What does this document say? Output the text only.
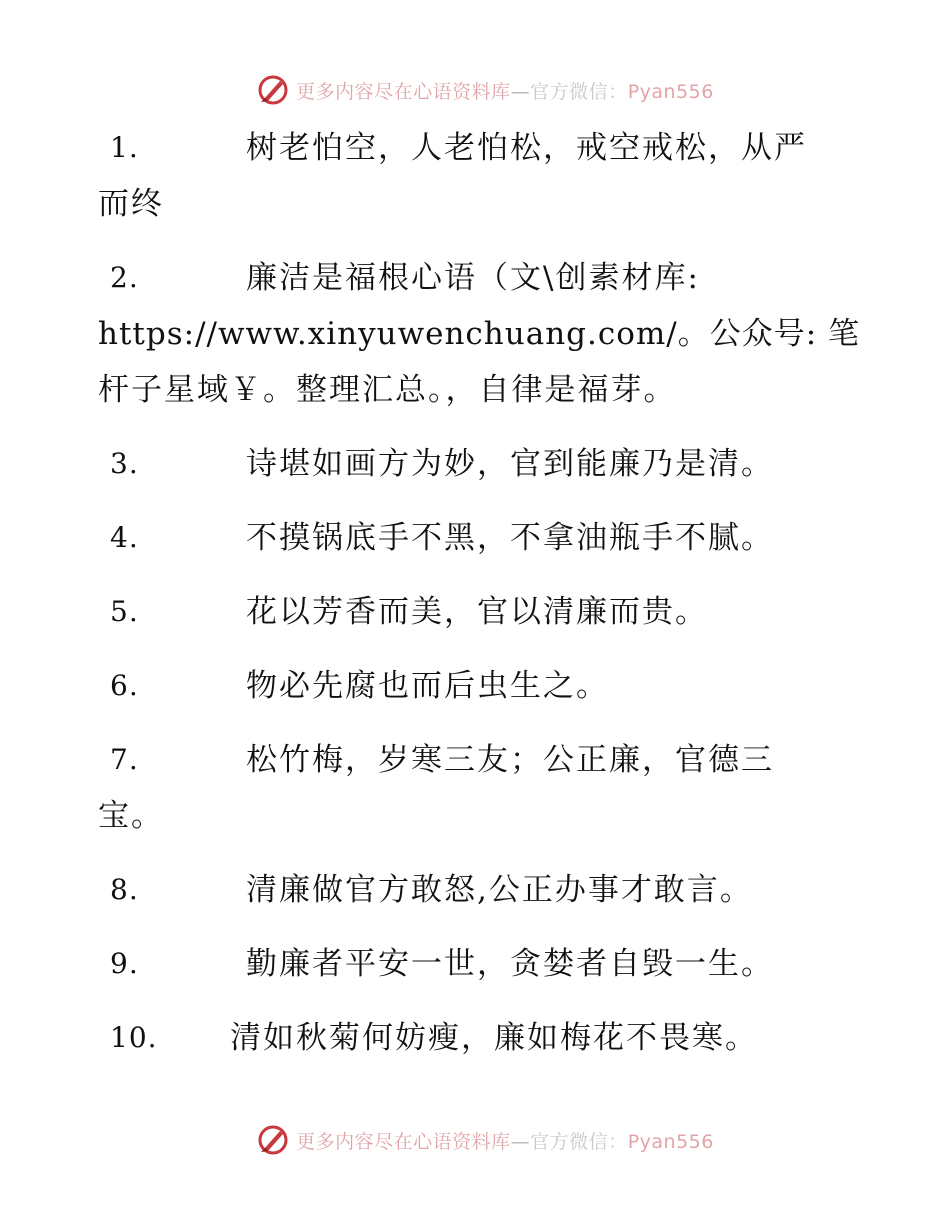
更多内容尽在心语资料库—官方微信：Pyan556
1.	树老怕空，人老怕松，戒空戒松，从严
而终
2.	廉洁是福根心语（文\创素材库:
https://www.xinyuwenchuang.com/。公众号: 笔
杆子星域￥。整理汇总。，自律是福芽。
3.	诗堪如画方为妙，官到能廉乃是清。
4.	不摸锅底手不黑，不拿油瓶手不腻。
5.	花以芳香而美，官以清廉而贵。
6.	物必先腐也而后虫生之。
7.	松竹梅，岁寒三友；公正廉，官德三
宝。
8.	清廉做官方敢怒,公正办事才敢言。
9.	勤廉者平安一世，贪婪者自毁一生。
10.	清如秋菊何妨瘦，廉如梅花不畏寒。
更多内容尽在心语资料库—官方微信：Pyan556
